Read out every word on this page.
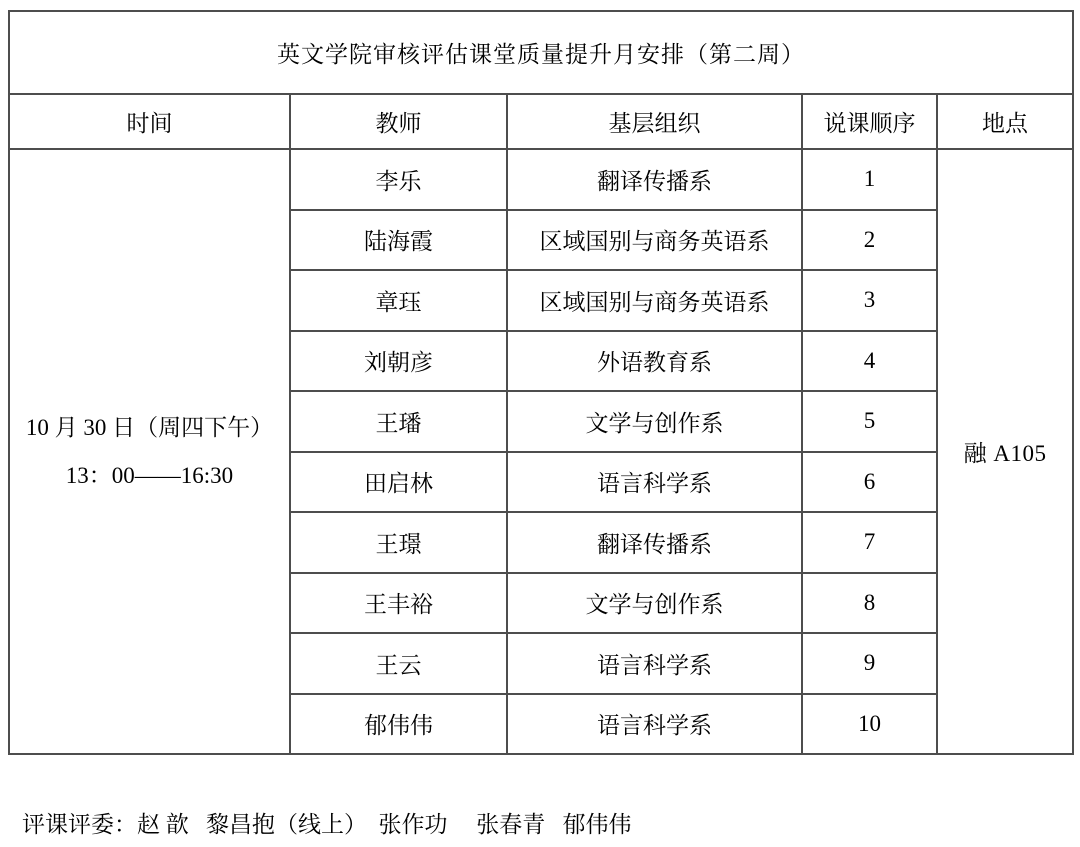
英文学院审核评估课堂质量提升月安排（第二周）				
时间	教师	基层组织	说课顺序	地点

10 月 30 日（周四下午）
13：00——16:30	李乐	翻译传播系	1	融 A105
	陆海霞	区域国别与商务英语系	2	
	章珏	区域国别与商务英语系	3	
	刘朝彦	外语教育系	4	
	王璠	文学与创作系	5	
	田启林	语言科学系	6	
	王璟	翻译传播系	7	
	王丰裕	文学与创作系	8	
	王云	语言科学系	9	
	郁伟伟	语言科学系	10	
评课评委：赵 歆   黎昌抱（线上）  张作功     张春青   郁伟伟
